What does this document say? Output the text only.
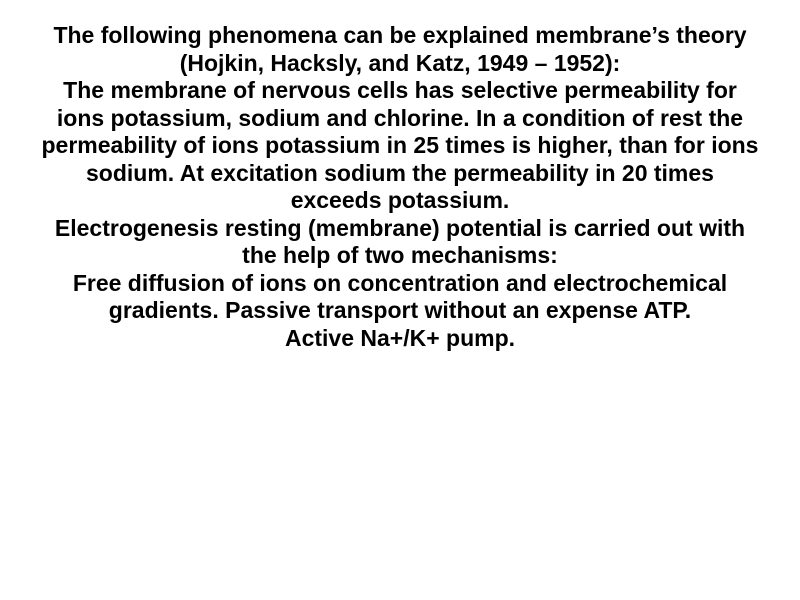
The following phenomena can be explained membrane’s theory (Hojkin, Hacksly, and Katz, 1949 – 1952):

The membrane of nervous cells has selective permeability for ions potassium, sodium and chlorine. In a condition of rest the permeability of ions potassium in 25 times is higher, than for ions sodium. At excitation sodium the permeability in 20 times exceeds potassium.

Electrogenesis resting (membrane) potential is carried out with the help of two mechanisms:

Free diffusion of ions on concentration and electrochemical gradients. Passive transport without an expense ATP.

Active Na+/K+ pump.
